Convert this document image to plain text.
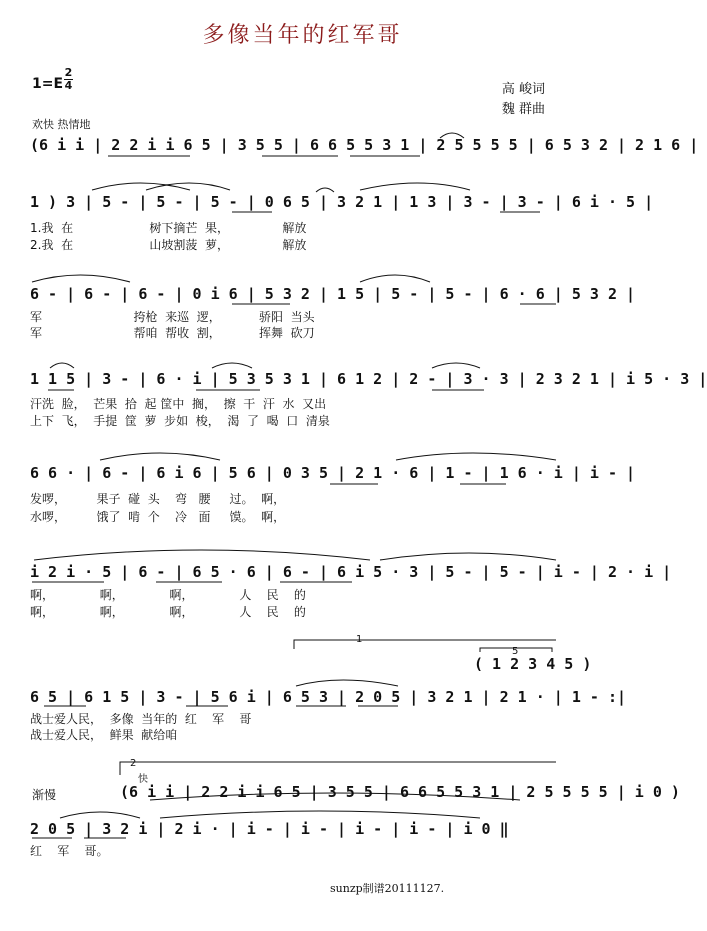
多像当年的红军哥
1=E
2
4	高 峻词
魏 群曲
欢快 热情地
(6 i i | 2 2 i i 6 5 | 3 5 5 | 6 6 5 5 3 1 | 2 5 5 5 5 | 6 5 3 2 | 2 1 6 |
1 ) 3 | 5 - | 5 - | 5 - | 0 6 5 | 3 2 1 | 1 3 | 3 - | 3 - | 6 i · 5 |
1.我  在                    树下摘芒  果，              解放
2.我  在                    山坡割菠  萝，              解放
6 - | 6 - | 6 - | 0 i 6 | 5 3 2 | 1 5 | 5 - | 5 - | 6 · 6 | 5 3 2 |
军                        挎枪  来巡  逻，          骄阳  当头
军                        帮咱  帮收  割，          挥舞  砍刀
1 1 5 | 3 - | 6 · i | 5 3 5 3 1 | 6 1 2 | 2 - | 3 · 3 | 2 3 2 1 | i 5 · 3 |
汗洗  脸，  芒果  拾  起 筐中  搁，  擦  干  汗  水  又出
上下  飞，  手提  筐  萝  步如  梭，  渴  了  喝  口  清泉
6 6 · | 6 - | 6 i 6 | 5 6 | 0 3 5 | 2 1 · 6 | 1 - | 1 6 · i | i - |
发啰，        果子  碰  头    弯   腰     过。  啊，
水啰，        饿了  啃  个    冷   面     馍。  啊，
i 2 i · 5 | 6 - | 6 5 · 6 | 6 - | 6 i 5 · 3 | 5 - | 5 - | i - | 2 · i |
啊，            啊，            啊，            人    民    的
啊，            啊，            啊，            人    民    的
1
5
( 1 2 3 4 5 )
6 5 | 6 1 5 | 3 - | 5 6 i | 6 5 3 | 2 0 5 | 3 2 1 | 2 1 · | 1 - :|
战士爱人民，  多像  当年的  红    军    哥
战士爱人民，  鲜果  献给咱
2
快
渐慢	(6 i i | 2 2 i i 6 5 | 3 5 5 | 6 6 5 5 3 1 | 2 5 5 5 5 | i 0 )
2 0 5 | 3 2 i | 2 i · | i - | i - | i - | i - | i 0 ‖
红    军    哥。
sunzp制谱20111127.
